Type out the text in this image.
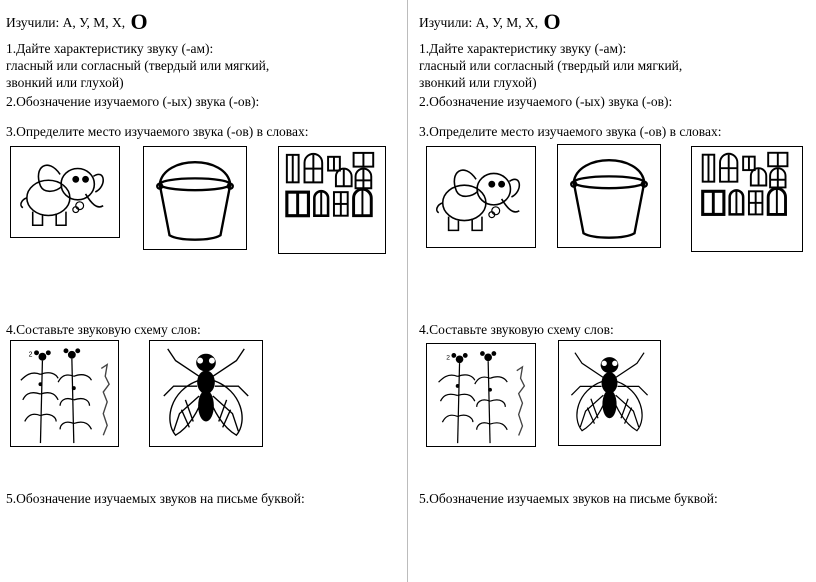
Изучили: А, У, М, Х, О
1.Дайте характеристику звуку (-ам):
гласный или согласный (твердый или мягкий,
звонкий или глухой)
2.Обозначение изучаемого (-ых) звука (-ов):
3.Определите место изучаемого звука (-ов) в словах:
4.Составьте звуковую схему слов:
2
5.Обозначение изучаемых звуков на письме буквой:
Изучили: А, У, М, Х, О
1.Дайте характеристику звуку (-ам):
гласный или согласный (твердый или мягкий,
звонкий или глухой)
2.Обозначение изучаемого (-ых) звука (-ов):
3.Определите место изучаемого звука (-ов) в словах:
4.Составьте звуковую схему слов:
2
5.Обозначение изучаемых звуков на письме буквой:
